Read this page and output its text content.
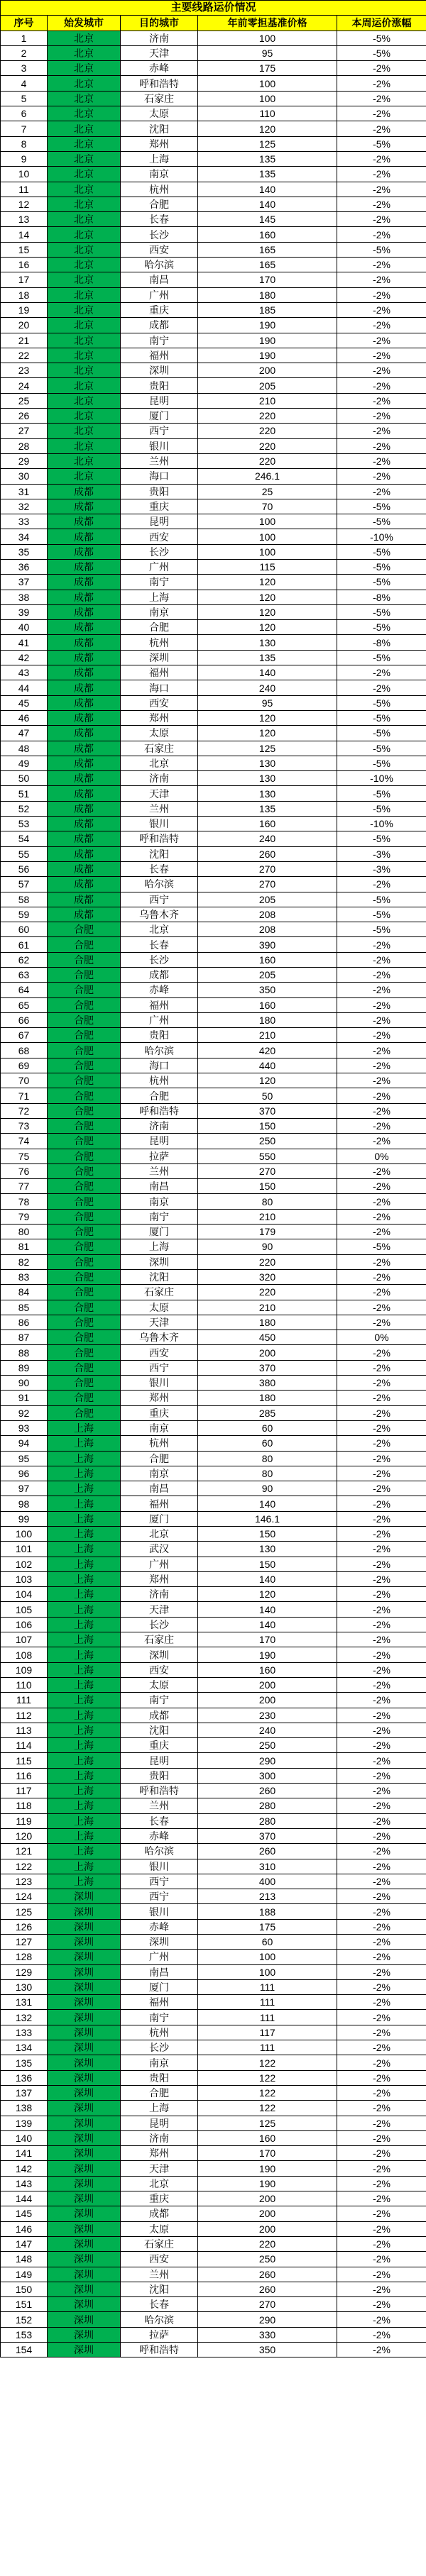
主要线路运价情况				
序号	始发城市	目的城市	年前零担基准价格	本周运价涨幅
1	北京	济南	100	-5%
2	北京	天津	95	-5%
3	北京	赤峰	175	-2%
4	北京	呼和浩特	100	-2%
5	北京	石家庄	100	-2%
6	北京	太原	110	-2%
7	北京	沈阳	120	-2%
8	北京	郑州	125	-5%
9	北京	上海	135	-2%
10	北京	南京	135	-2%
11	北京	杭州	140	-2%
12	北京	合肥	140	-2%
13	北京	长春	145	-2%
14	北京	长沙	160	-2%
15	北京	西安	165	-5%
16	北京	哈尔滨	165	-2%
17	北京	南昌	170	-2%
18	北京	广州	180	-2%
19	北京	重庆	185	-2%
20	北京	成都	190	-2%
21	北京	南宁	190	-2%
22	北京	福州	190	-2%
23	北京	深圳	200	-2%
24	北京	贵阳	205	-2%
25	北京	昆明	210	-2%
26	北京	厦门	220	-2%
27	北京	西宁	220	-2%
28	北京	银川	220	-2%
29	北京	兰州	220	-2%
30	北京	海口	246.1	-2%
31	成都	贵阳	25	-2%
32	成都	重庆	70	-5%
33	成都	昆明	100	-5%
34	成都	西安	100	-10%
35	成都	长沙	100	-5%
36	成都	广州	115	-5%
37	成都	南宁	120	-5%
38	成都	上海	120	-8%
39	成都	南京	120	-5%
40	成都	合肥	120	-5%
41	成都	杭州	130	-8%
42	成都	深圳	135	-5%
43	成都	福州	140	-2%
44	成都	海口	240	-2%
45	成都	西安	95	-5%
46	成都	郑州	120	-5%
47	成都	太原	120	-5%
48	成都	石家庄	125	-5%
49	成都	北京	130	-5%
50	成都	济南	130	-10%
51	成都	天津	130	-5%
52	成都	兰州	135	-5%
53	成都	银川	160	-10%
54	成都	呼和浩特	240	-5%
55	成都	沈阳	260	-3%
56	成都	长春	270	-3%
57	成都	哈尔滨	270	-2%
58	成都	西宁	205	-5%
59	成都	乌鲁木齐	208	-5%
60	合肥	北京	208	-5%
61	合肥	长春	390	-2%
62	合肥	长沙	160	-2%
63	合肥	成都	205	-2%
64	合肥	赤峰	350	-2%
65	合肥	福州	160	-2%
66	合肥	广州	180	-2%
67	合肥	贵阳	210	-2%
68	合肥	哈尔滨	420	-2%
69	合肥	海口	440	-2%
70	合肥	杭州	120	-2%
71	合肥	合肥	50	-2%
72	合肥	呼和浩特	370	-2%
73	合肥	济南	150	-2%
74	合肥	昆明	250	-2%
75	合肥	拉萨	550	0%
76	合肥	兰州	270	-2%
77	合肥	南昌	150	-2%
78	合肥	南京	80	-2%
79	合肥	南宁	210	-2%
80	合肥	厦门	179	-2%
81	合肥	上海	90	-5%
82	合肥	深圳	220	-2%
83	合肥	沈阳	320	-2%
84	合肥	石家庄	220	-2%
85	合肥	太原	210	-2%
86	合肥	天津	180	-2%
87	合肥	乌鲁木齐	450	0%
88	合肥	西安	200	-2%
89	合肥	西宁	370	-2%
90	合肥	银川	380	-2%
91	合肥	郑州	180	-2%
92	合肥	重庆	285	-2%
93	上海	南京	60	-2%
94	上海	杭州	60	-2%
95	上海	合肥	80	-2%
96	上海	南京	80	-2%
97	上海	南昌	90	-2%
98	上海	福州	140	-2%
99	上海	厦门	146.1	-2%
100	上海	北京	150	-2%
101	上海	武汉	130	-2%
102	上海	广州	150	-2%
103	上海	郑州	140	-2%
104	上海	济南	120	-2%
105	上海	天津	140	-2%
106	上海	长沙	140	-2%
107	上海	石家庄	170	-2%
108	上海	深圳	190	-2%
109	上海	西安	160	-2%
110	上海	太原	200	-2%
111	上海	南宁	200	-2%
112	上海	成都	230	-2%
113	上海	沈阳	240	-2%
114	上海	重庆	250	-2%
115	上海	昆明	290	-2%
116	上海	贵阳	300	-2%
117	上海	呼和浩特	260	-2%
118	上海	兰州	280	-2%
119	上海	长春	280	-2%
120	上海	赤峰	370	-2%
121	上海	哈尔滨	260	-2%
122	上海	银川	310	-2%
123	上海	西宁	400	-2%
124	深圳	西宁	213	-2%
125	深圳	银川	188	-2%
126	深圳	赤峰	175	-2%
127	深圳	深圳	60	-2%
128	深圳	广州	100	-2%
129	深圳	南昌	100	-2%
130	深圳	厦门	111	-2%
131	深圳	福州	111	-2%
132	深圳	南宁	111	-2%
133	深圳	杭州	117	-2%
134	深圳	长沙	111	-2%
135	深圳	南京	122	-2%
136	深圳	贵阳	122	-2%
137	深圳	合肥	122	-2%
138	深圳	上海	122	-2%
139	深圳	昆明	125	-2%
140	深圳	济南	160	-2%
141	深圳	郑州	170	-2%
142	深圳	天津	190	-2%
143	深圳	北京	190	-2%
144	深圳	重庆	200	-2%
145	深圳	成都	200	-2%
146	深圳	太原	200	-2%
147	深圳	石家庄	220	-2%
148	深圳	西安	250	-2%
149	深圳	兰州	260	-2%
150	深圳	沈阳	260	-2%
151	深圳	长春	270	-2%
152	深圳	哈尔滨	290	-2%
153	深圳	拉萨	330	-2%
154	深圳	呼和浩特	350	-2%
